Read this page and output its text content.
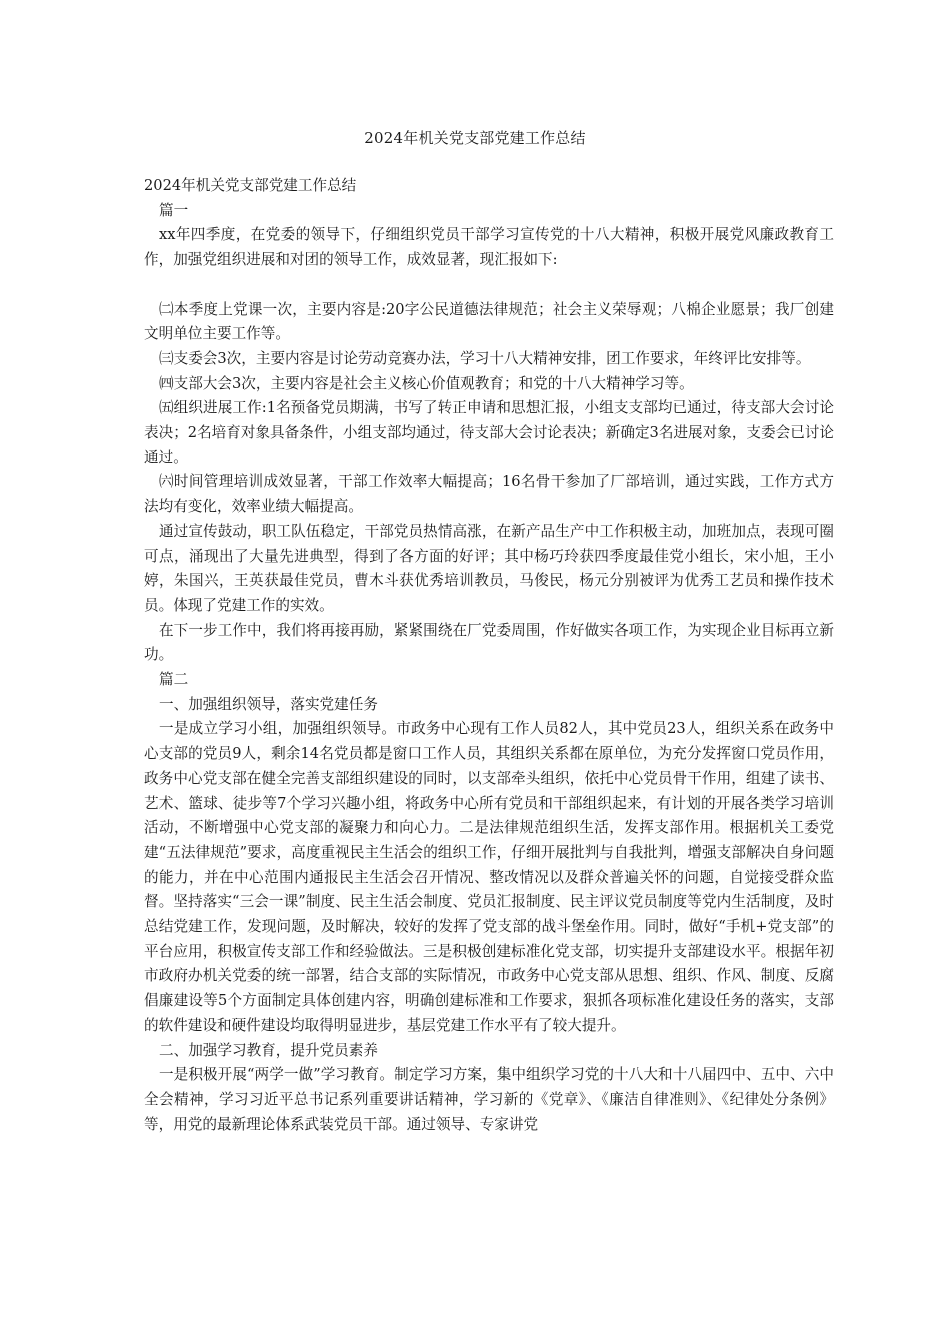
2024年机关党支部党建工作总结

2024年机关党支部党建工作总结

篇一

xx年四季度，在党委的领导下，仔细组织党员干部学习宣传党的十八大精神，积极开展党风廉政教育工作，加强党组织进展和对团的领导工作，成效显著，现汇报如下:

㈡本季度上党课一次，主要内容是:20字公民道德法律规范；社会主义荣辱观；八棉企业愿景；我厂创建文明单位主要工作等。

㈢支委会3次，主要内容是讨论劳动竞赛办法，学习十八大精神安排，团工作要求，年终评比安排等。

㈣支部大会3次，主要内容是社会主义核心价值观教育；和党的十八大精神学习等。

㈤组织进展工作:1名预备党员期满，书写了转正申请和思想汇报，小组支支部均已通过，待支部大会讨论表决；2名培育对象具备条件，小组支部均通过，待支部大会讨论表决；新确定3名进展对象，支委会已讨论通过。

㈥时间管理培训成效显著，干部工作效率大幅提高；16名骨干参加了厂部培训，通过实践，工作方式方法均有变化，效率业绩大幅提高。

通过宣传鼓动，职工队伍稳定，干部党员热情高涨，在新产品生产中工作积极主动，加班加点，表现可圈可点，涌现出了大量先进典型，得到了各方面的好评；其中杨巧玲获四季度最佳党小组长，宋小旭，王小婷，朱国兴，王英获最佳党员，曹木斗获优秀培训教员，马俊民，杨元分别被评为优秀工艺员和操作技术员。体现了党建工作的实效。

在下一步工作中，我们将再接再励，紧紧围绕在厂党委周围，作好做实各项工作，为实现企业目标再立新功。

篇二

一、加强组织领导，落实党建任务

一是成立学习小组，加强组织领导。市政务中心现有工作人员82人，其中党员23人，组织关系在政务中心支部的党员9人，剩余14名党员都是窗口工作人员，其组织关系都在原单位，为充分发挥窗口党员作用，政务中心党支部在健全完善支部组织建设的同时，以支部牵头组织，依托中心党员骨干作用，组建了读书、艺术、篮球、徒步等7个学习兴趣小组，将政务中心所有党员和干部组织起来，有计划的开展各类学习培训活动，不断增强中心党支部的凝聚力和向心力。二是法律规范组织生活，发挥支部作用。根据机关工委党建“五法律规范”要求，高度重视民主生活会的组织工作，仔细开展批判与自我批判，增强支部解决自身问题的能力，并在中心范围内通报民主生活会召开情况、整改情况以及群众普遍关怀的问题，自觉接受群众监督。坚持落实“三会一课”制度、民主生活会制度、党员汇报制度、民主评议党员制度等党内生活制度，及时总结党建工作，发现问题，及时解决，较好的发挥了党支部的战斗堡垒作用。同时，做好“手机+党支部”的平台应用，积极宣传支部工作和经验做法。三是积极创建标准化党支部，切实提升支部建设水平。根据年初市政府办机关党委的统一部署，结合支部的实际情况，市政务中心党支部从思想、组织、作风、制度、反腐倡廉建设等5个方面制定具体创建内容，明确创建标准和工作要求，狠抓各项标准化建设任务的落实，支部的软件建设和硬件建设均取得明显进步，基层党建工作水平有了较大提升。

二、加强学习教育，提升党员素养

一是积极开展“两学一做”学习教育。制定学习方案，集中组织学习党的十八大和十八届四中、五中、六中全会精神，学习习近平总书记系列重要讲话精神，学习新的《党章》、《廉洁自律准则》、《纪律处分条例》等，用党的最新理论体系武装党员干部。通过领导、专家讲党
